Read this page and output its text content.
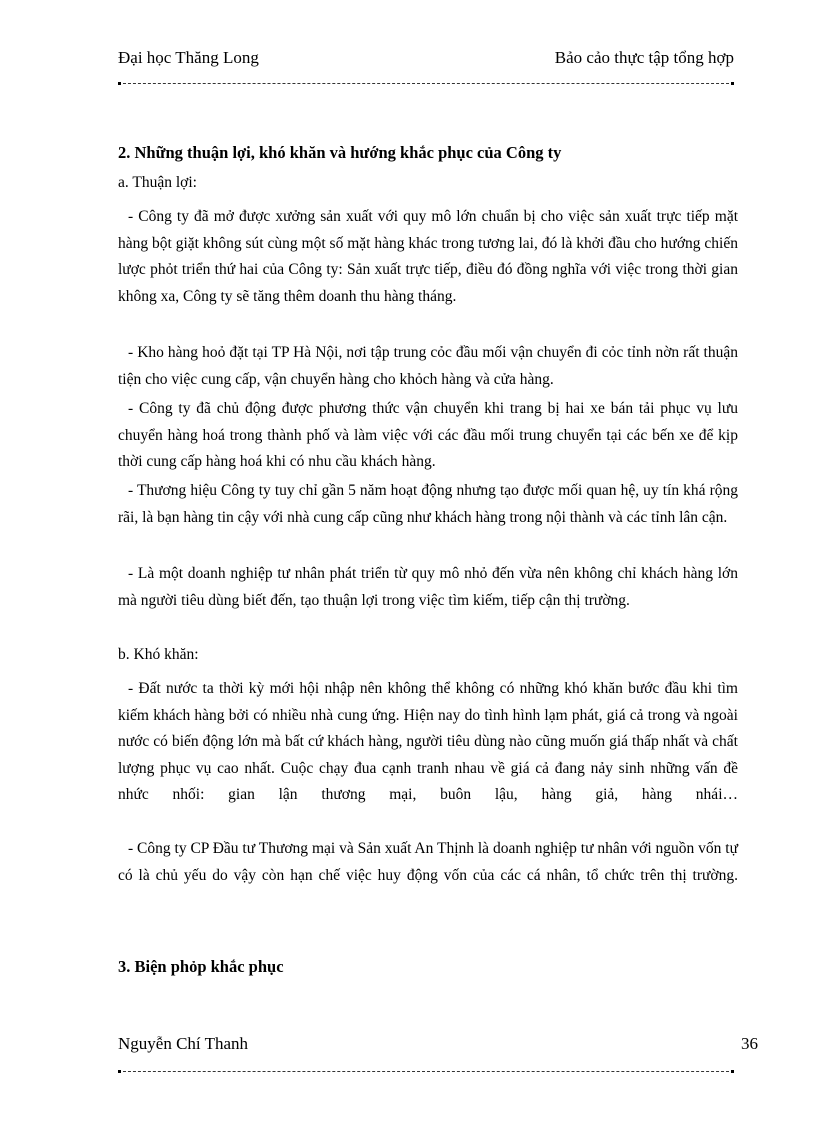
Đại học Thăng Long	Bảo cảo thực tập tổng hợp
2. Những thuận lợi, khó khăn và hướng khắc phục của Công ty
a. Thuận lợi:
- Công ty đã mở được xưởng sản xuất với quy mô lớn chuẩn bị cho việc sản xuất trực tiếp mặt hàng bột giặt không sút cùng một số mặt hàng khác trong tương lai, đó là khởi đầu cho hướng chiến lược phỏt triển thứ hai của Công ty: Sản xuất trực tiếp, điều đó đồng nghĩa với việc trong thời gian không xa, Công ty sẽ tăng thêm doanh thu hàng tháng.
- Kho hàng hoỏ đặt tại TP Hà Nội, nơi tập trung cỏc đầu mối vận chuyển đi cỏc tỉnh nờn rất thuận tiện cho việc cung cấp, vận chuyển hàng cho khỏch hàng và cửa hàng.
- Công ty đã chủ động được phương thức vận chuyển khi trang bị hai xe bán tải phục vụ lưu chuyển hàng hoá trong thành phố và làm việc với các đầu mối trung chuyển tại các bến xe để kịp thời cung cấp hàng hoá khi có nhu cầu khách hàng.
- Thương hiệu Công ty tuy chỉ gần 5 năm hoạt động nhưng tạo được mối quan hệ, uy tín khá rộng rãi, là bạn hàng tin cậy với nhà cung cấp cũng như khách hàng trong nội thành và các tỉnh lân cận.
- Là một doanh nghiệp tư nhân phát triển từ quy mô nhỏ đến vừa nên không chỉ khách hàng lớn mà người tiêu dùng biết đến, tạo thuận lợi trong việc tìm kiếm, tiếp cận thị trường.
b. Khó khăn:
- Đất nước ta thời kỳ mới hội nhập nên không thể không có những khó khăn bước đầu khi tìm kiếm khách hàng bởi có nhiều nhà cung ứng. Hiện nay do tình hình lạm phát, giá cả trong và ngoài nước có biến động lớn mà bất cứ khách hàng, người tiêu dùng nào cũng muốn giá thấp nhất và chất lượng phục vụ cao nhất. Cuộc chạy đua cạnh tranh nhau về giá cả đang nảy sinh những vấn đề nhức nhối: gian lận thương mại, buôn lậu, hàng giả, hàng nhái…
- Công ty CP Đầu tư Thương mại và Sản xuất An Thịnh là doanh nghiệp tư nhân với nguồn vốn tự có là chủ yếu do vậy còn hạn chế việc huy động vốn của các cá nhân, tổ chức trên thị trường.
3. Biện phỏp khắc phục
Nguyễn Chí Thanh	36
